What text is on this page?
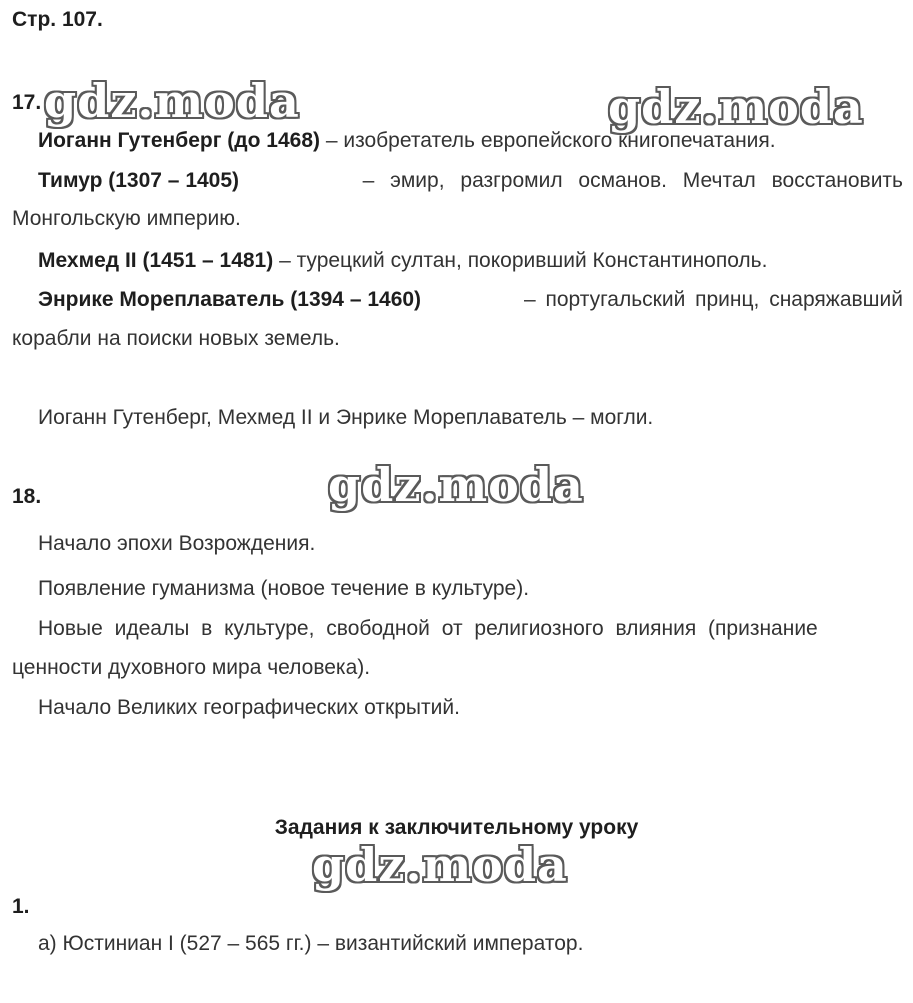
Стр. 107.
gdz.moda	gdz.moda
gdz.moda
gdz.moda
17.
Иоганн Гутенберг (до 1468) – изобретатель европейского книгопечатания.
Тимур (1307 – 1405)	– эмир, разгромил османов. Мечтал восстановить
Монгольскую империю.
Мехмед II (1451 – 1481) – турецкий султан, покоривший Константинополь.
Энрике Мореплаватель (1394 – 1460)	– португальский принц, снаряжавший
корабли на поиски новых земель.
Иоганн Гутенберг, Мехмед II и Энрике Мореплаватель – могли.
18.
Начало эпохи Возрождения.
Появление гуманизма (новое течение в культуре).
Новые идеалы в культуре, свободной от религиозного влияния (признание
ценности духовного мира человека).
Начало Великих географических открытий.
Задания к заключительному уроку
1.
а) Юстиниан I (527 – 565 гг.) – византийский император.
